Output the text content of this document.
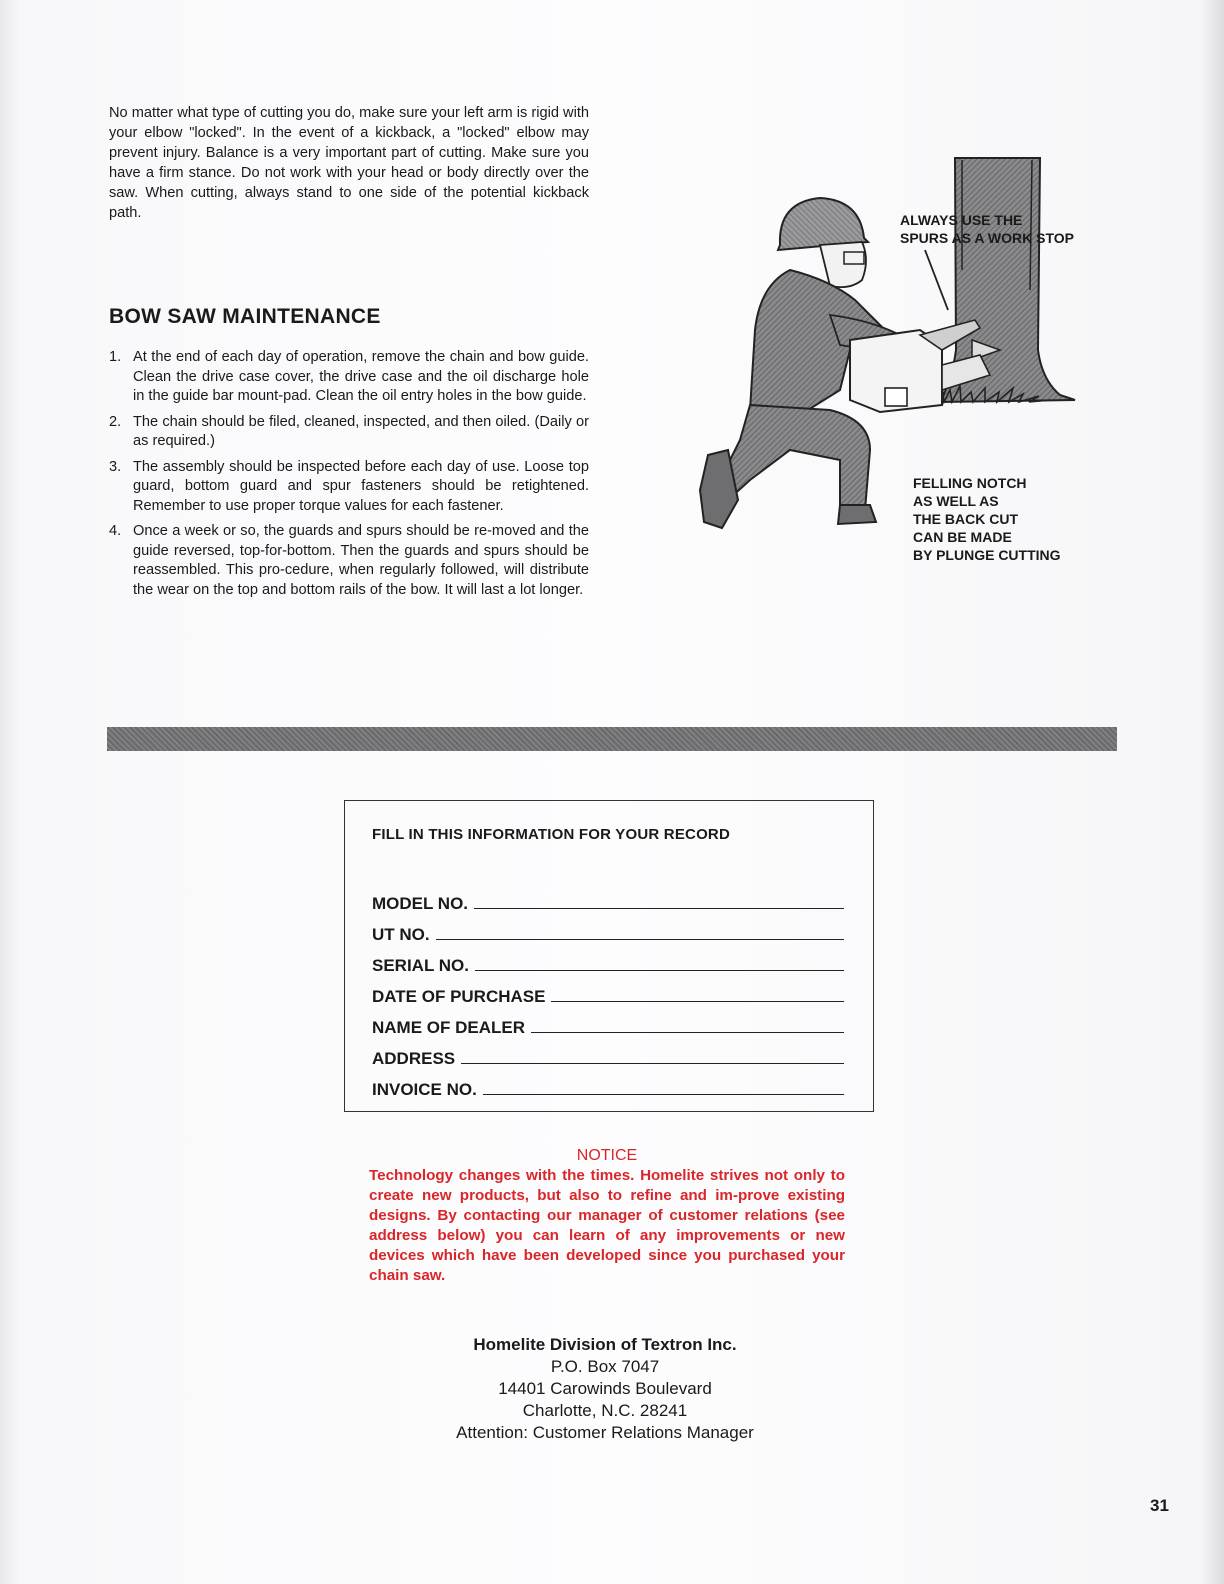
No matter what type of cutting you do, make sure your left arm is rigid with your elbow "locked". In the event of a kickback, a "locked" elbow may prevent injury. Balance is a very important part of cutting. Make sure you have a firm stance. Do not work with your head or body directly over the saw. When cutting, always stand to one side of the potential kickback path.

BOW SAW MAINTENANCE
1. At the end of each day of operation, remove the chain and bow guide. Clean the drive case cover, the drive case and the oil discharge hole in the guide bar mount-pad. Clean the oil entry holes in the bow guide.
2. The chain should be filed, cleaned, inspected, and then oiled. (Daily or as required.)
3. The assembly should be inspected before each day of use. Loose top guard, bottom guard and spur fasteners should be retightened. Remember to use proper torque values for each fastener.
4. Once a week or so, the guards and spurs should be re-moved and the guide reversed, top-for-bottom. Then the guards and spurs should be reassembled. This pro-cedure, when regularly followed, will distribute the wear on the top and bottom rails of the bow. It will last a lot longer.
ALWAYS USE THE
SPURS AS A WORK STOP
FELLING NOTCH
AS WELL AS
THE BACK CUT
CAN BE MADE
BY PLUNGE CUTTING

FILL IN THIS INFORMATION FOR YOUR RECORD

MODEL NO.
UT NO.
SERIAL NO.
DATE OF PURCHASE
NAME OF DEALER
ADDRESS
INVOICE NO.

NOTICE

Technology changes with the times. Homelite strives not only to create new products, but also to refine and im-prove existing designs. By contacting our manager of customer relations (see address below) you can learn of any improvements or new devices which have been developed since you purchased your chain saw.

Homelite Division of Textron Inc.
P.O. Box 7047
14401 Carowinds Boulevard
Charlotte, N.C. 28241
Attention: Customer Relations Manager
31
